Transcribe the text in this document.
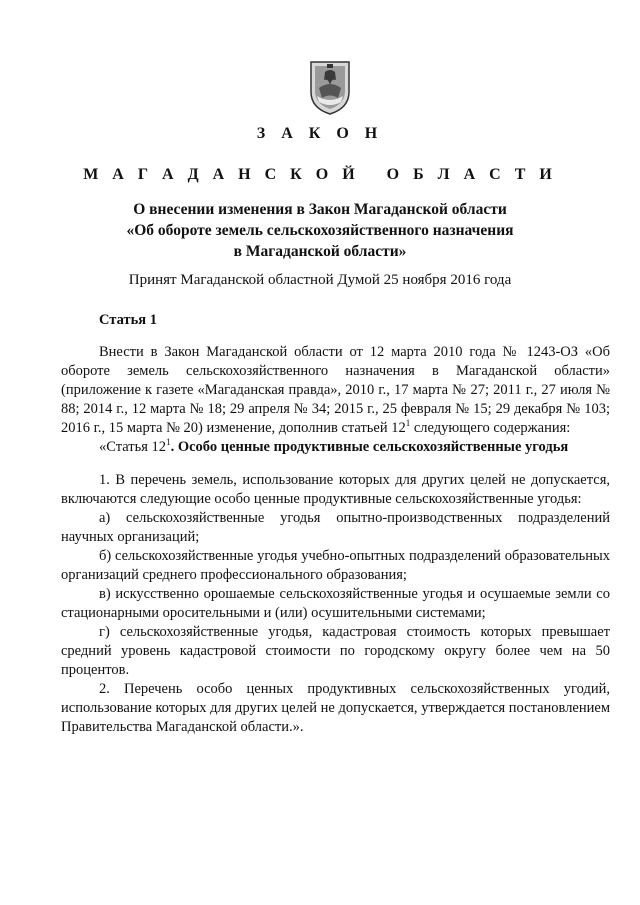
З А К О Н
М А Г А Д А Н С К О Й   О Б Л А С Т И
О внесении изменения в Закон Магаданской области
«Об обороте земель сельскохозяйственного назначения
в Магаданской области»
Принят Магаданской областной Думой 25 ноября 2016 года
Статья 1

Внести в Закон Магаданской области от 12 марта 2010 года № 1243-ОЗ «Об обороте земель сельскохозяйственного назначения в Магаданской области» (приложение к газете «Магаданская правда», 2010 г., 17 марта № 27; 2011 г., 27 июля № 88; 2014 г., 12 марта № 18; 29 апреля № 34; 2015 г., 25 февраля № 15; 29 декабря № 103; 2016 г., 15 марта № 20) изменение, дополнив статьей $12^1$ следующего содержания:

«Статья $12^1$. Особо ценные продуктивные сельскохозяйственные угодья

1. В перечень земель, использование которых для других целей не допускается, включаются следующие особо ценные продуктивные сельскохозяйственные угодья:

а) сельскохозяйственные угодья опытно-производственных подразделений научных организаций;

б) сельскохозяйственные угодья учебно-опытных подразделений образовательных организаций среднего профессионального образования;

в) искусственно орошаемые сельскохозяйственные угодья и осушаемые земли со стационарными оросительными и (или) осушительными системами;

г) сельскохозяйственные угодья, кадастровая стоимость которых превышает средний уровень кадастровой стоимости по городскому округу более чем на 50 процентов.

2. Перечень особо ценных продуктивных сельскохозяйственных угодий, использование которых для других целей не допускается, утверждается постановлением Правительства Магаданской области.».
